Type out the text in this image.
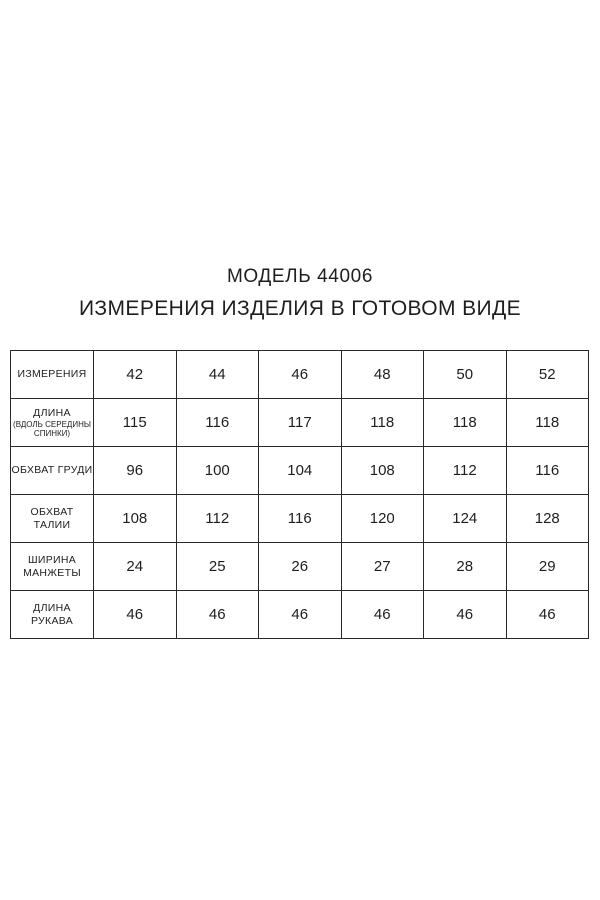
МОДЕЛЬ 44006
ИЗМЕРЕНИЯ ИЗДЕЛИЯ В ГОТОВОМ ВИДЕ
ИЗМЕРЕНИЯ	42	44	46	48	50	52
ДЛИНА
(ВДОЛЬ СЕРЕДИНЫ СПИНКИ)	115	116	117	118	118	118
ОБХВАТ ГРУДИ	96	100	104	108	112	116
ОБХВАТ ТАЛИИ	108	112	116	120	124	128
ШИРИНА МАНЖЕТЫ	24	25	26	27	28	29
ДЛИНА РУКАВА	46	46	46	46	46	46
